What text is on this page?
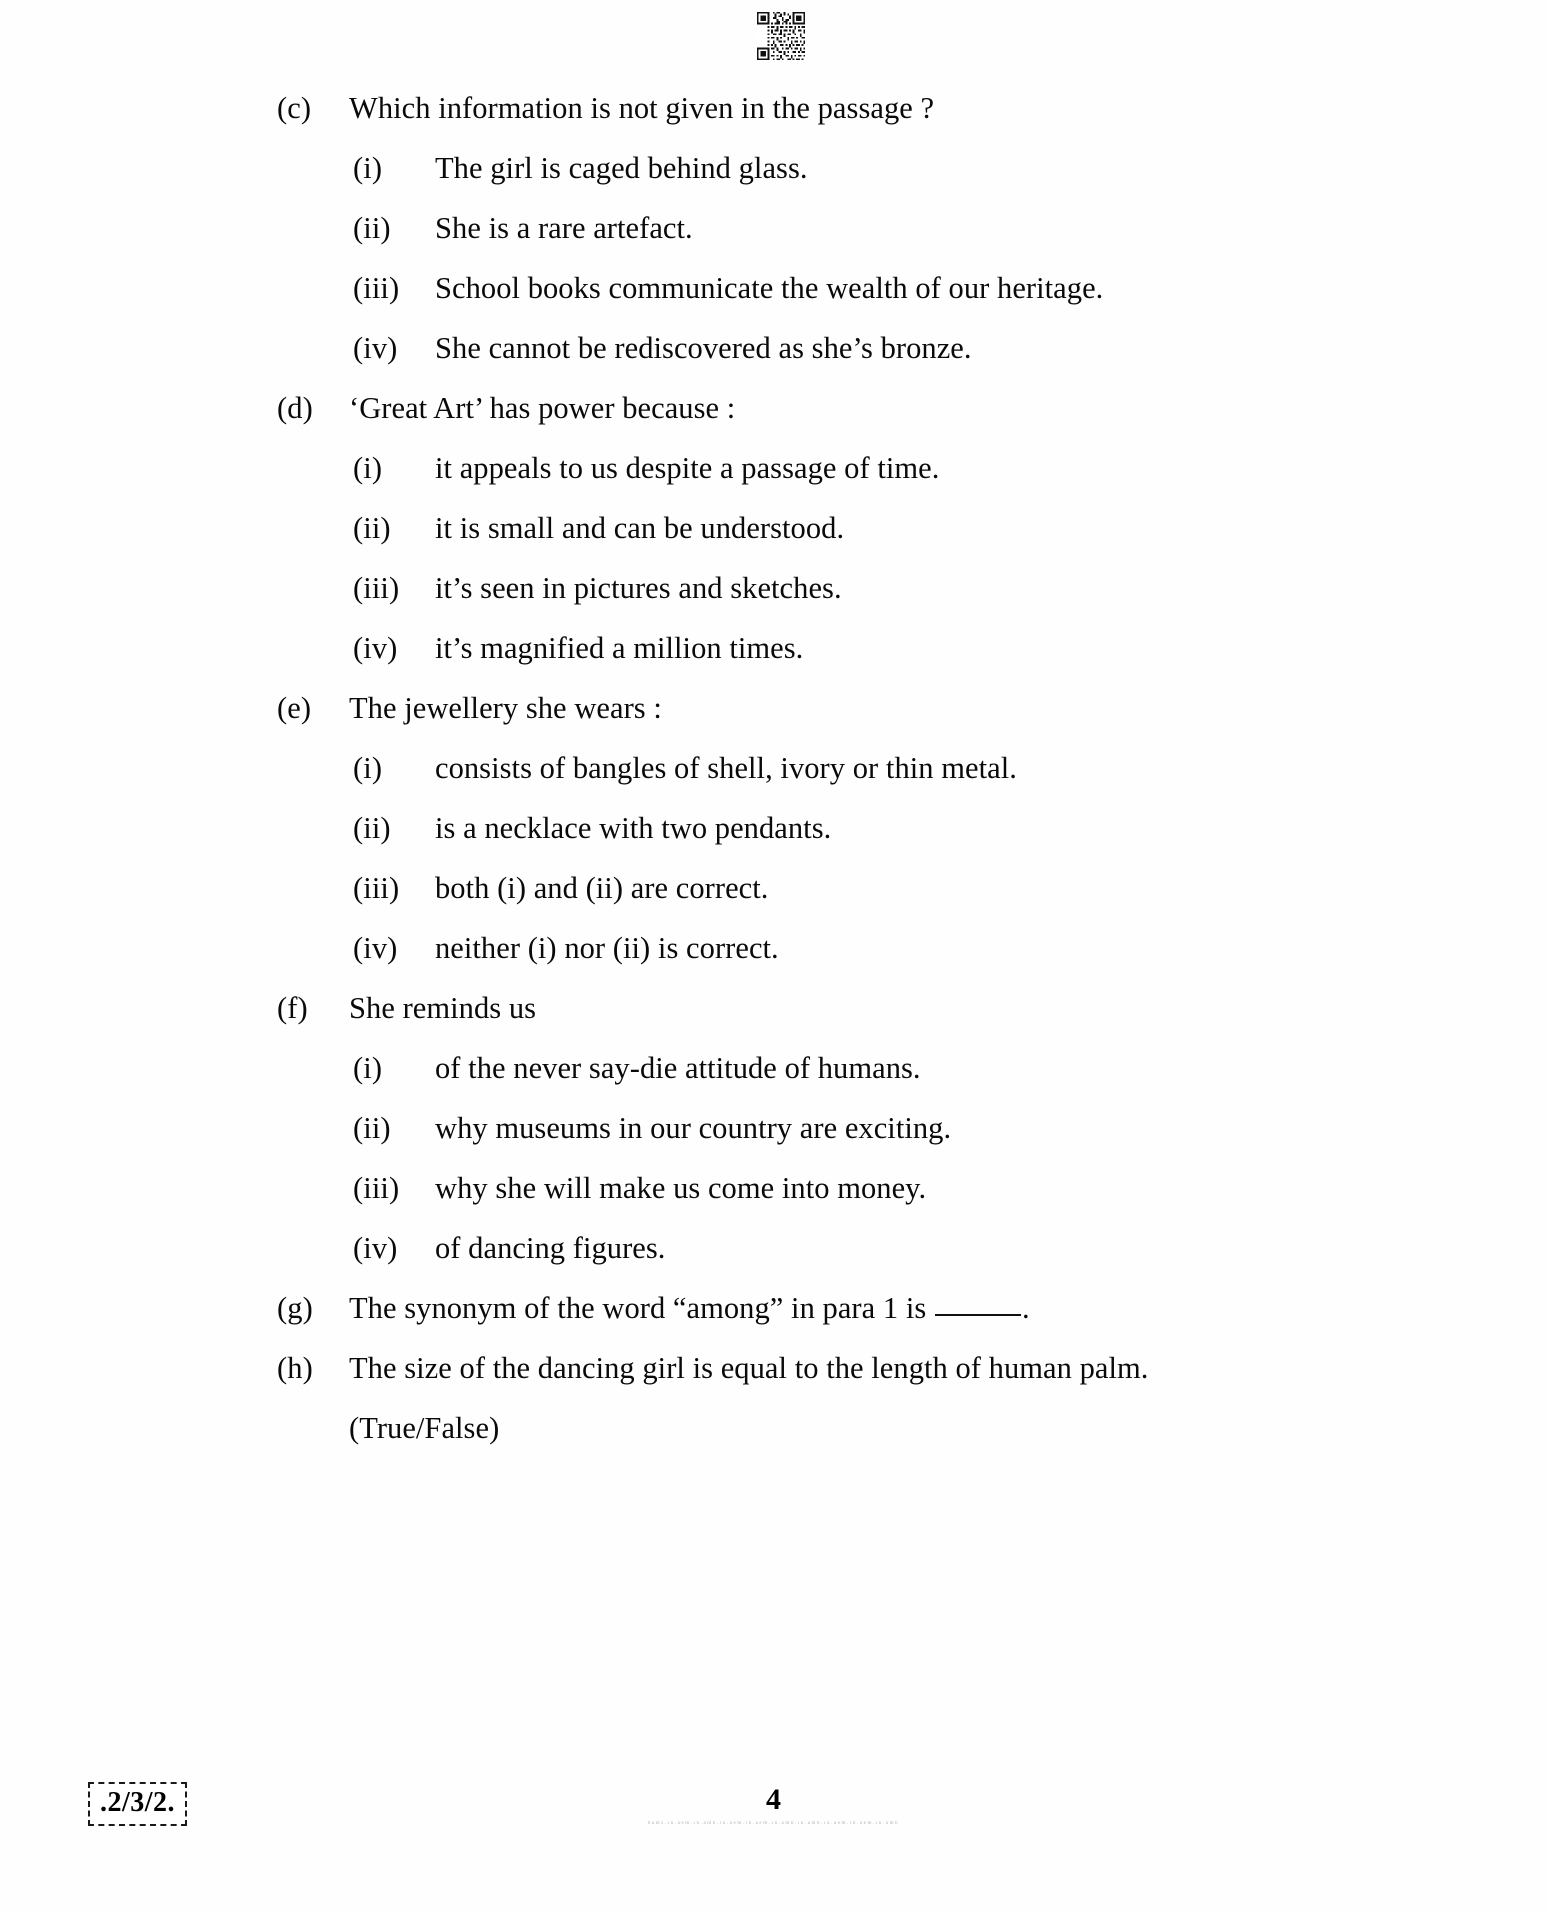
(c)	Which information is not given in the passage ?
(i)	The girl is caged behind glass.
(ii)	She is a rare artefact.
(iii)	School books communicate the wealth of our heritage.
(iv)	She cannot be rediscovered as she’s bronze.
(d)	‘Great Art’ has power because :
(i)	it appeals to us despite a passage of time.
(ii)	it is small and can be understood.
(iii)	it’s seen in pictures and sketches.
(iv)	it’s magnified a million times.
(e)	The jewellery she wears :
(i)	consists of bangles of shell, ivory or thin metal.
(ii)	is a necklace with two pendants.
(iii)	both (i) and (ii) are correct.
(iv)	neither (i) nor (ii) is correct.
(f)	She reminds us
(i)	of the never say-die attitude of humans.
(ii)	why museums in our country are exciting.
(iii)	why she will make us come into money.
(iv)	of dancing figures.
(g)	The synonym of the word “among” in para 1 is	.
(h)	The size of the dancing girl is equal to the length of human palm. (True/False)
.2/3/2.	4
bams.in.aem.in.amb.in.aem.in.aem.in.amb.in.amb.in.aem.in.aem.in.amb
